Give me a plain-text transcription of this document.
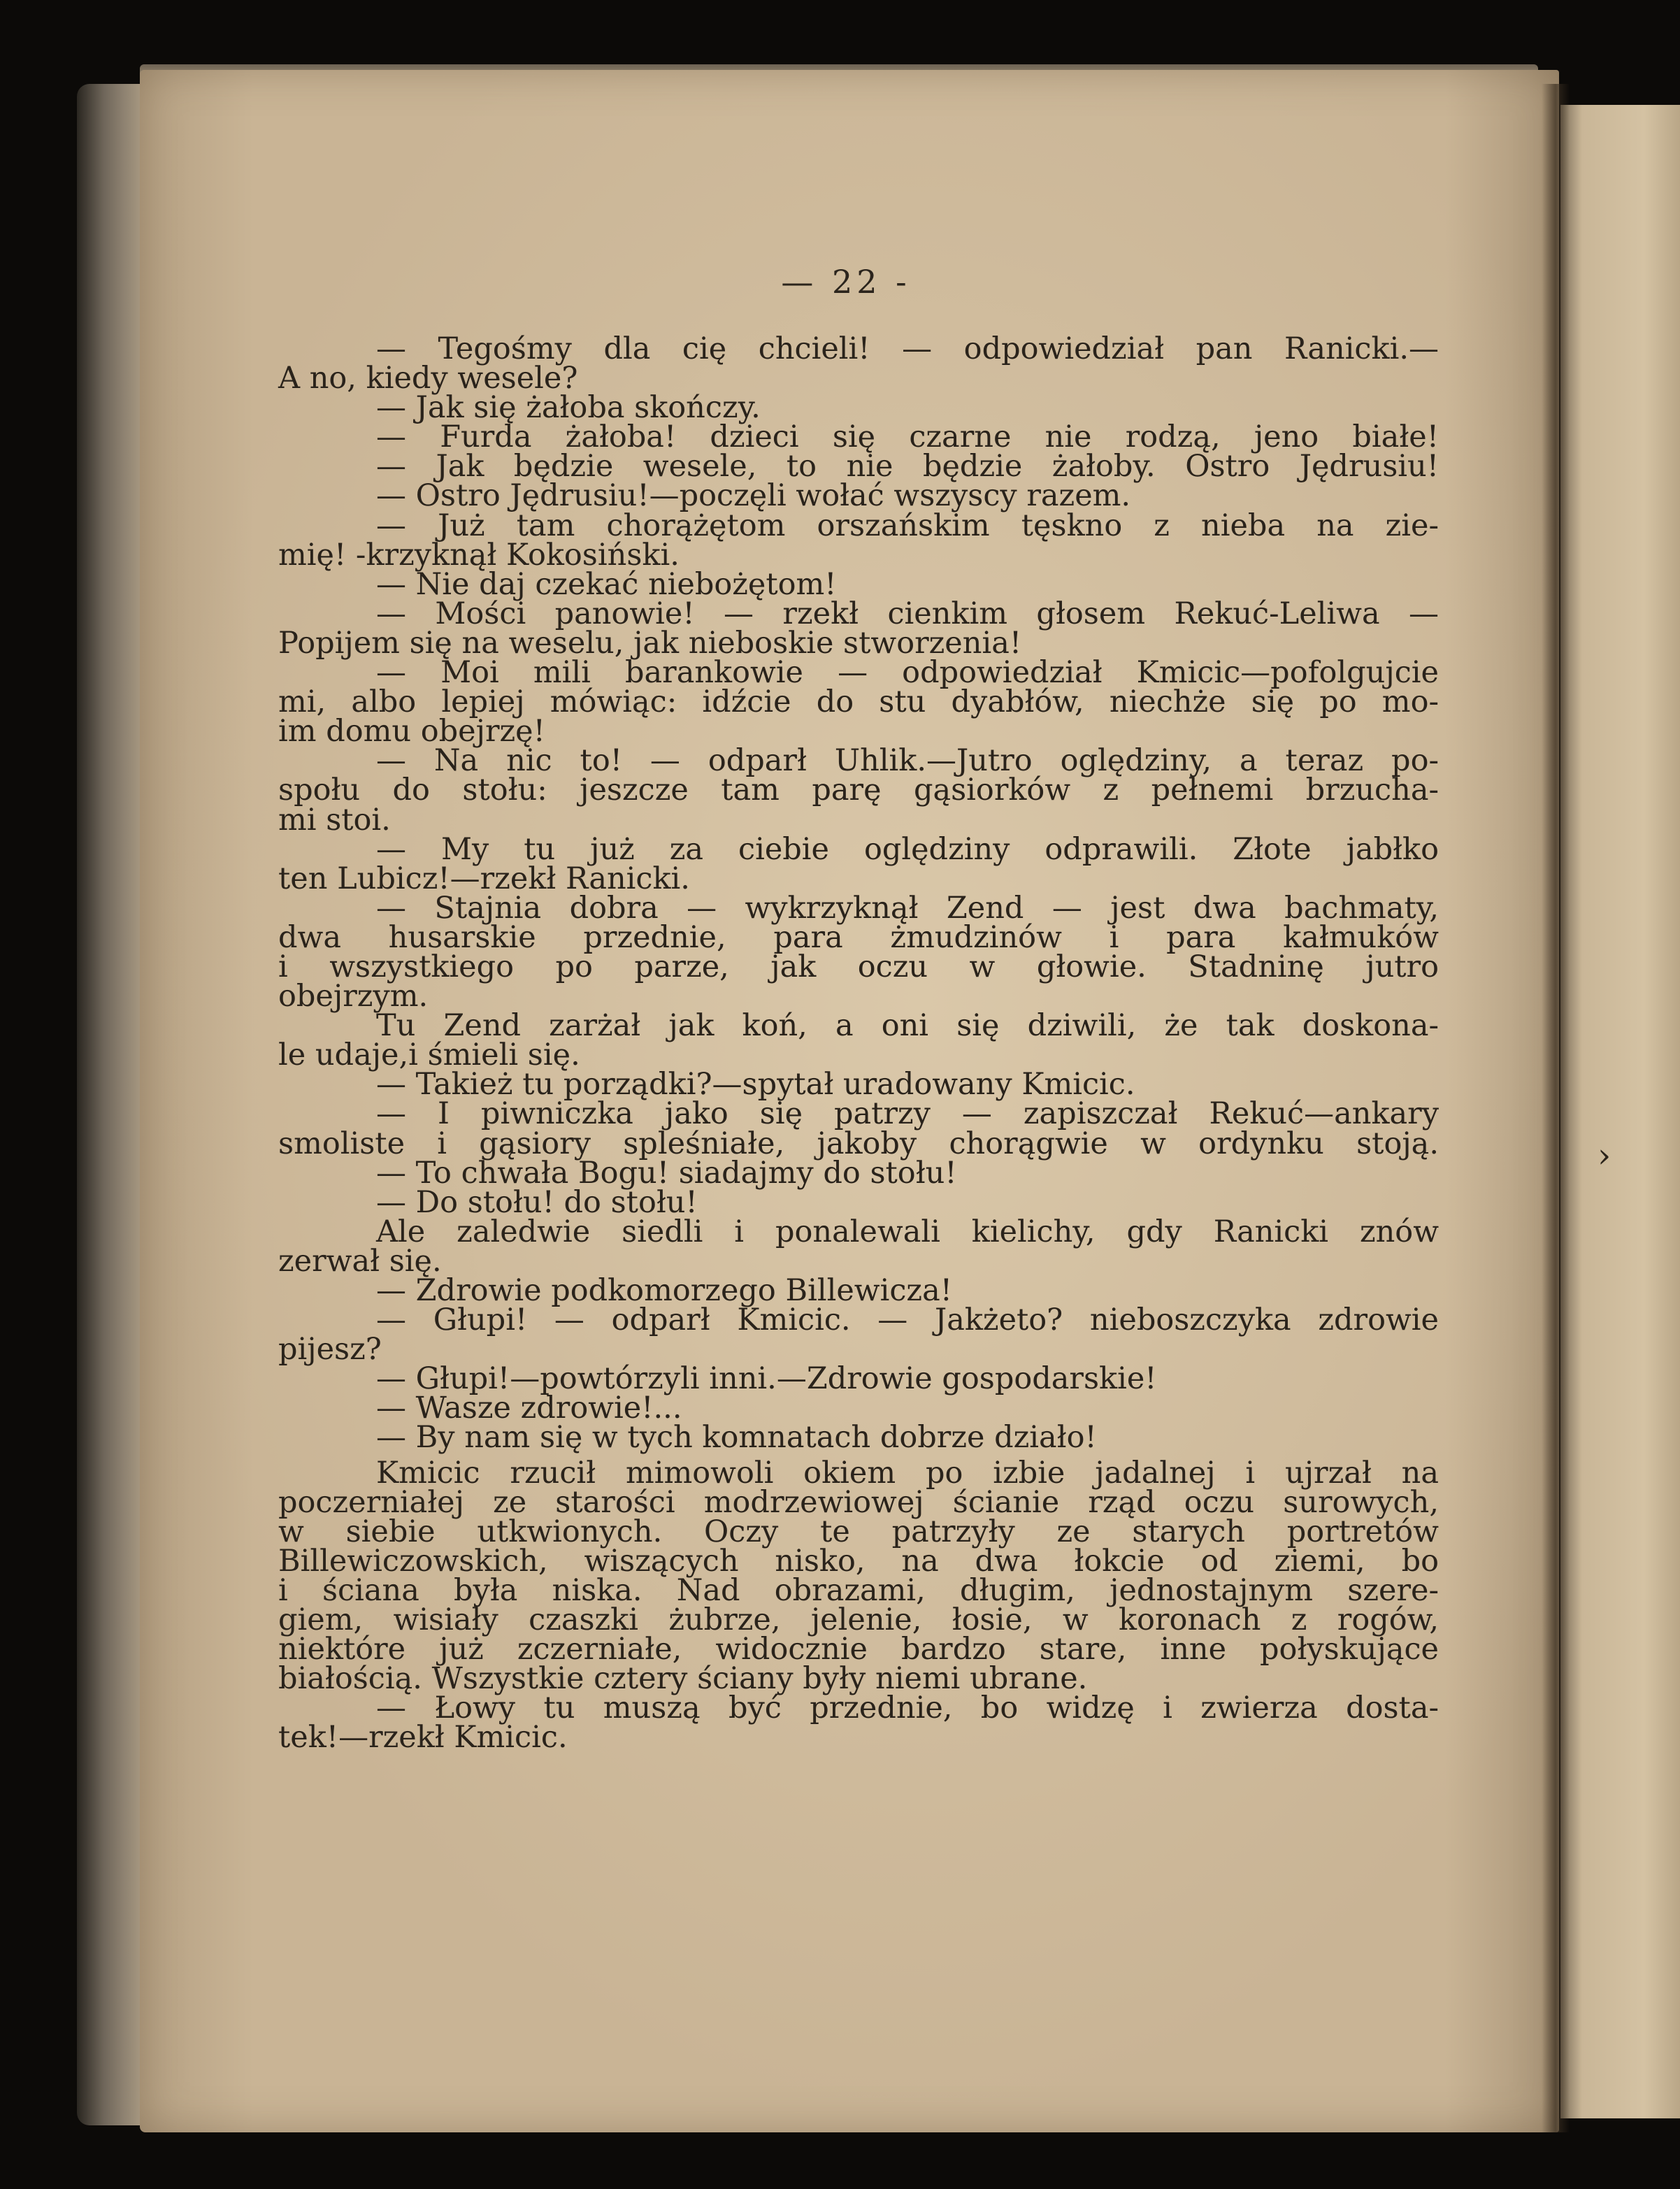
›
— 22 -
— Tegośmy dla cię chcieli! — odpowiedział pan Ranicki.—
A no, kiedy wesele?
— Jak się żałoba skończy.
— Furda żałoba! dzieci się czarne nie rodzą, jeno białe!
— Jak będzie wesele, to nie będzie żałoby. Ostro Jędrusiu!
— Ostro Jędrusiu!—poczęli wołać wszyscy razem.
— Już tam chorążętom orszańskim tęskno z nieba na zie-
mię! -krzyknął Kokosiński.
— Nie daj czekać niebożętom!
— Mości panowie! — rzekł cienkim głosem Rekuć-Leliwa —
Popijem się na weselu, jak nieboskie stworzenia!
— Moi mili barankowie — odpowiedział Kmicic—pofolgujcie
mi, albo lepiej mówiąc: idźcie do stu dyabłów, niechże się po mo-
im domu obejrzę!
— Na nic to! — odparł Uhlik.—Jutro oględziny, a teraz po-
społu do stołu: jeszcze tam parę gąsiorków z pełnemi brzucha-
mi stoi.
— My tu już za ciebie oględziny odprawili. Złote jabłko
ten Lubicz!—rzekł Ranicki.
— Stajnia dobra — wykrzyknął Zend — jest dwa bachmaty,
dwa husarskie przednie, para żmudzinów i para kałmuków
i wszystkiego po parze, jak oczu w głowie. Stadninę jutro
obejrzym.
Tu Zend zarżał jak koń, a oni się dziwili, że tak doskona-
le udaje,i śmieli się.
— Takież tu porządki?—spytał uradowany Kmicic.
— I piwniczka jako się patrzy — zapiszczał Rekuć—ankary
smoliste i gąsiory spleśniałe, jakoby chorągwie w ordynku stoją.
— To chwała Bogu! siadajmy do stołu!
— Do stołu! do stołu!
Ale zaledwie siedli i ponalewali kielichy, gdy Ranicki znów
zerwał się.
— Zdrowie podkomorzego Billewicza!
— Głupi! — odparł Kmicic. — Jakżeto? nieboszczyka zdrowie
pijesz?
— Głupi!—powtórzyli inni.—Zdrowie gospodarskie!
— Wasze zdrowie!...
— By nam się w tych komnatach dobrze działo!
Kmicic rzucił mimowoli okiem po izbie jadalnej i ujrzał na
poczerniałej ze starości modrzewiowej ścianie rząd oczu surowych,
w siebie utkwionych. Oczy te patrzyły ze starych portretów
Billewiczowskich, wiszących nisko, na dwa łokcie od ziemi, bo
i ściana była niska. Nad obrazami, długim, jednostajnym szere-
giem, wisiały czaszki żubrze, jelenie, łosie, w koronach z rogów,
niektóre już zczerniałe, widocznie bardzo stare, inne połyskujące
białością. Wszystkie cztery ściany były niemi ubrane.
— Łowy tu muszą być przednie, bo widzę i zwierza dosta-
tek!—rzekł Kmicic.
